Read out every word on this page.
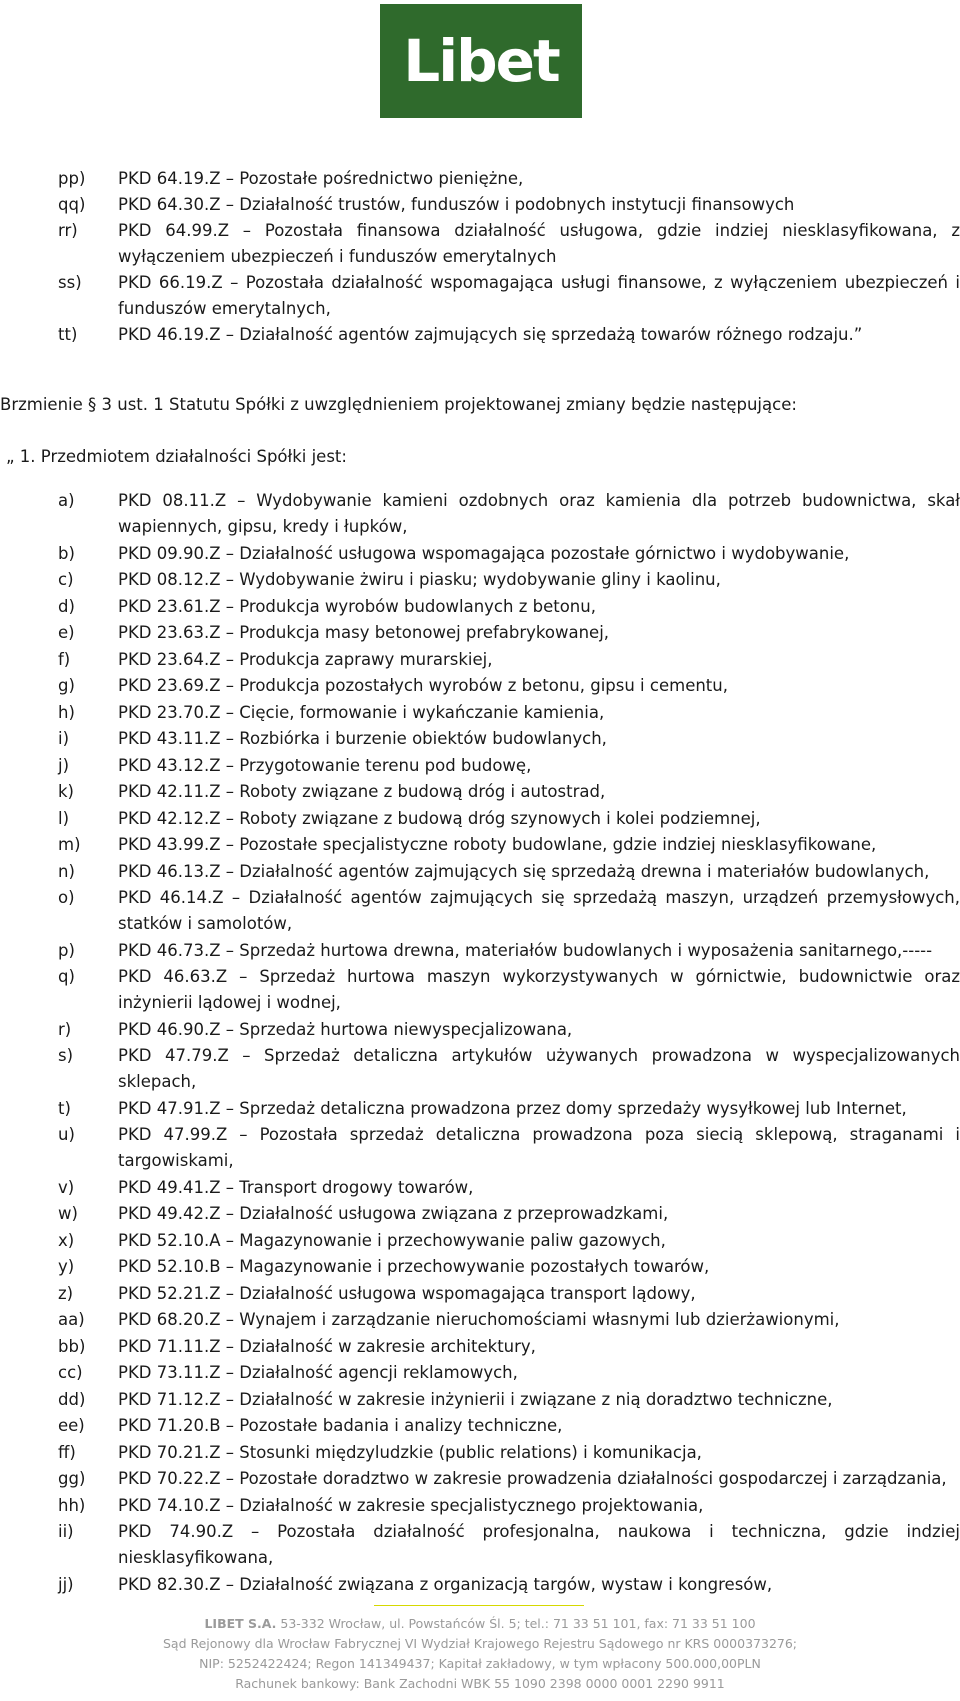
Libet
pp)	PKD 64.19.Z – Pozostałe pośrednictwo pieniężne,
qq)	PKD 64.30.Z – Działalność trustów, funduszów i podobnych instytucji finansowych
rr)	PKD 64.99.Z – Pozostała finansowa działalność usługowa, gdzie indziej niesklasyfikowana, z wyłączeniem ubezpieczeń i funduszów emerytalnych
ss)	PKD 66.19.Z – Pozostała działalność wspomagająca usługi finansowe, z wyłączeniem ubezpieczeń i funduszów emerytalnych,
tt)	PKD 46.19.Z – Działalność agentów zajmujących się sprzedażą towarów różnego rodzaju.”
Brzmienie § 3 ust. 1 Statutu Spółki z uwzględnieniem projektowanej zmiany będzie następujące:
„ 1. Przedmiotem działalności Spółki jest:
a)	PKD 08.11.Z – Wydobywanie kamieni ozdobnych oraz kamienia dla potrzeb budownictwa, skał wapiennych, gipsu, kredy i łupków,
b)	PKD 09.90.Z – Działalność usługowa wspomagająca pozostałe górnictwo i wydobywanie,
c)	PKD 08.12.Z – Wydobywanie żwiru i piasku; wydobywanie gliny i kaolinu,
d)	PKD 23.61.Z – Produkcja wyrobów budowlanych z betonu,
e)	PKD 23.63.Z – Produkcja masy betonowej prefabrykowanej,
f)	PKD 23.64.Z – Produkcja zaprawy murarskiej,
g)	PKD 23.69.Z – Produkcja pozostałych wyrobów z betonu, gipsu i cementu,
h)	PKD 23.70.Z – Cięcie, formowanie i wykańczanie kamienia,
i)	PKD 43.11.Z – Rozbiórka i burzenie obiektów budowlanych,
j)	PKD 43.12.Z – Przygotowanie terenu pod budowę,
k)	PKD 42.11.Z – Roboty związane z budową dróg i autostrad,
l)	PKD 42.12.Z – Roboty związane z budową dróg szynowych i kolei podziemnej,
m)	PKD 43.99.Z – Pozostałe specjalistyczne roboty budowlane, gdzie indziej niesklasyfikowane,
n)	PKD 46.13.Z – Działalność agentów zajmujących się sprzedażą drewna i materiałów budowlanych,
o)	PKD 46.14.Z – Działalność agentów zajmujących się sprzedażą maszyn, urządzeń przemysłowych, statków i samolotów,
p)	PKD 46.73.Z – Sprzedaż hurtowa drewna, materiałów budowlanych i wyposażenia sanitarnego,-----
q)	PKD 46.63.Z – Sprzedaż hurtowa maszyn wykorzystywanych w górnictwie, budownictwie oraz inżynierii lądowej i wodnej,
r)	PKD 46.90.Z – Sprzedaż hurtowa niewyspecjalizowana,
s)	PKD 47.79.Z – Sprzedaż detaliczna artykułów używanych prowadzona w wyspecjalizowanych sklepach,
t)	PKD 47.91.Z – Sprzedaż detaliczna prowadzona przez domy sprzedaży wysyłkowej lub Internet,
u)	PKD 47.99.Z – Pozostała sprzedaż detaliczna prowadzona poza siecią sklepową, straganami i targowiskami,
v)	PKD 49.41.Z – Transport drogowy towarów,
w)	PKD 49.42.Z – Działalność usługowa związana z przeprowadzkami,
x)	PKD 52.10.A – Magazynowanie i przechowywanie paliw gazowych,
y)	PKD 52.10.B – Magazynowanie i przechowywanie pozostałych towarów,
z)	PKD 52.21.Z – Działalność usługowa wspomagająca transport lądowy,
aa)	PKD 68.20.Z – Wynajem i zarządzanie nieruchomościami własnymi lub dzierżawionymi,
bb)	PKD 71.11.Z – Działalność w zakresie architektury,
cc)	PKD 73.11.Z – Działalność agencji reklamowych,
dd)	PKD 71.12.Z – Działalność w zakresie inżynierii i związane z nią doradztwo techniczne,
ee)	PKD 71.20.B – Pozostałe badania i analizy techniczne,
ff)	PKD 70.21.Z – Stosunki międzyludzkie (public relations) i komunikacja,
gg)	PKD 70.22.Z – Pozostałe doradztwo w zakresie prowadzenia działalności gospodarczej i zarządzania,
hh)	PKD 74.10.Z – Działalność w zakresie specjalistycznego projektowania,
ii)	PKD 74.90.Z – Pozostała działalność profesjonalna, naukowa i techniczna, gdzie indziej niesklasyfikowana,
jj)	PKD 82.30.Z – Działalność związana z organizacją targów, wystaw i kongresów,
LIBET S.A. 53-332 Wrocław, ul. Powstańców Śl. 5; tel.: 71 33 51 101, fax: 71 33 51 100
Sąd Rejonowy dla Wrocław Fabrycznej VI Wydział Krajowego Rejestru Sądowego nr KRS 0000373276;
NIP: 5252422424; Regon 141349437; Kapitał zakładowy, w tym wpłacony 500.000,00PLN
Rachunek bankowy: Bank Zachodni WBK 55 1090 2398 0000 0001 2290 9911
